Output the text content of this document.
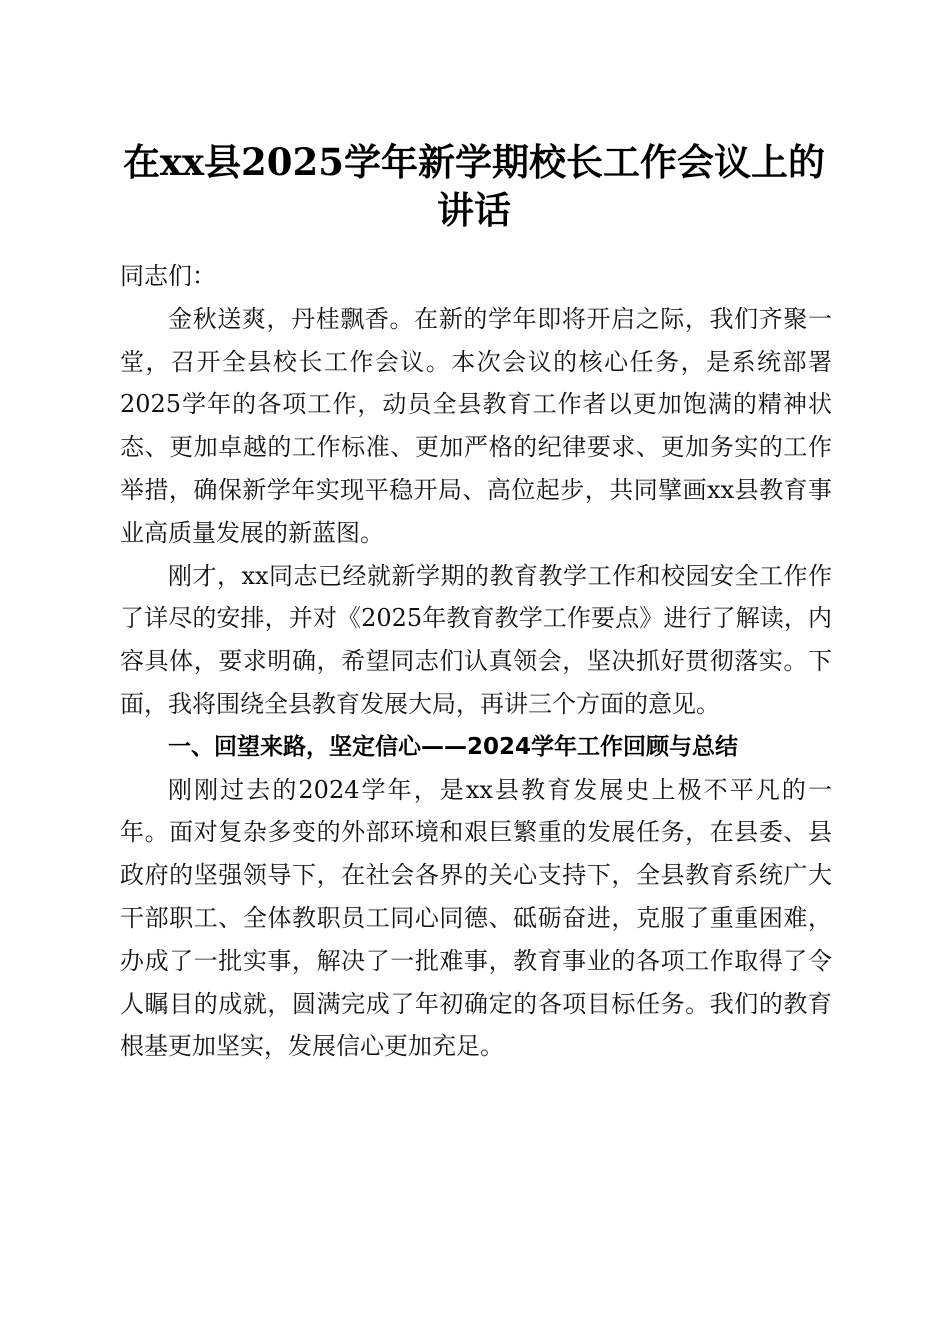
在xx县2025学年新学期校长工作会议上的讲话

同志们：

金秋送爽，丹桂飘香。在新的学年即将开启之际，我们齐聚一堂，召开全县校长工作会议。本次会议的核心任务，是系统部署2025学年的各项工作，动员全县教育工作者以更加饱满的精神状态、更加卓越的工作标准、更加严格的纪律要求、更加务实的工作举措，确保新学年实现平稳开局、高位起步，共同擘画xx县教育事业高质量发展的新蓝图。

刚才，xx同志已经就新学期的教育教学工作和校园安全工作作了详尽的安排，并对《2025年教育教学工作要点》进行了解读，内容具体，要求明确，希望同志们认真领会，坚决抓好贯彻落实。下面，我将围绕全县教育发展大局，再讲三个方面的意见。

一、回望来路，坚定信心——2024学年工作回顾与总结

刚刚过去的2024学年，是xx县教育发展史上极不平凡的一年。面对复杂多变的外部环境和艰巨繁重的发展任务，在县委、县政府的坚强领导下，在社会各界的关心支持下，全县教育系统广大干部职工、全体教职员工同心同德、砥砺奋进，克服了重重困难，办成了一批实事，解决了一批难事，教育事业的各项工作取得了令人瞩目的成就，圆满完成了年初确定的各项目标任务。我们的教育根基更加坚实，发展信心更加充足。
